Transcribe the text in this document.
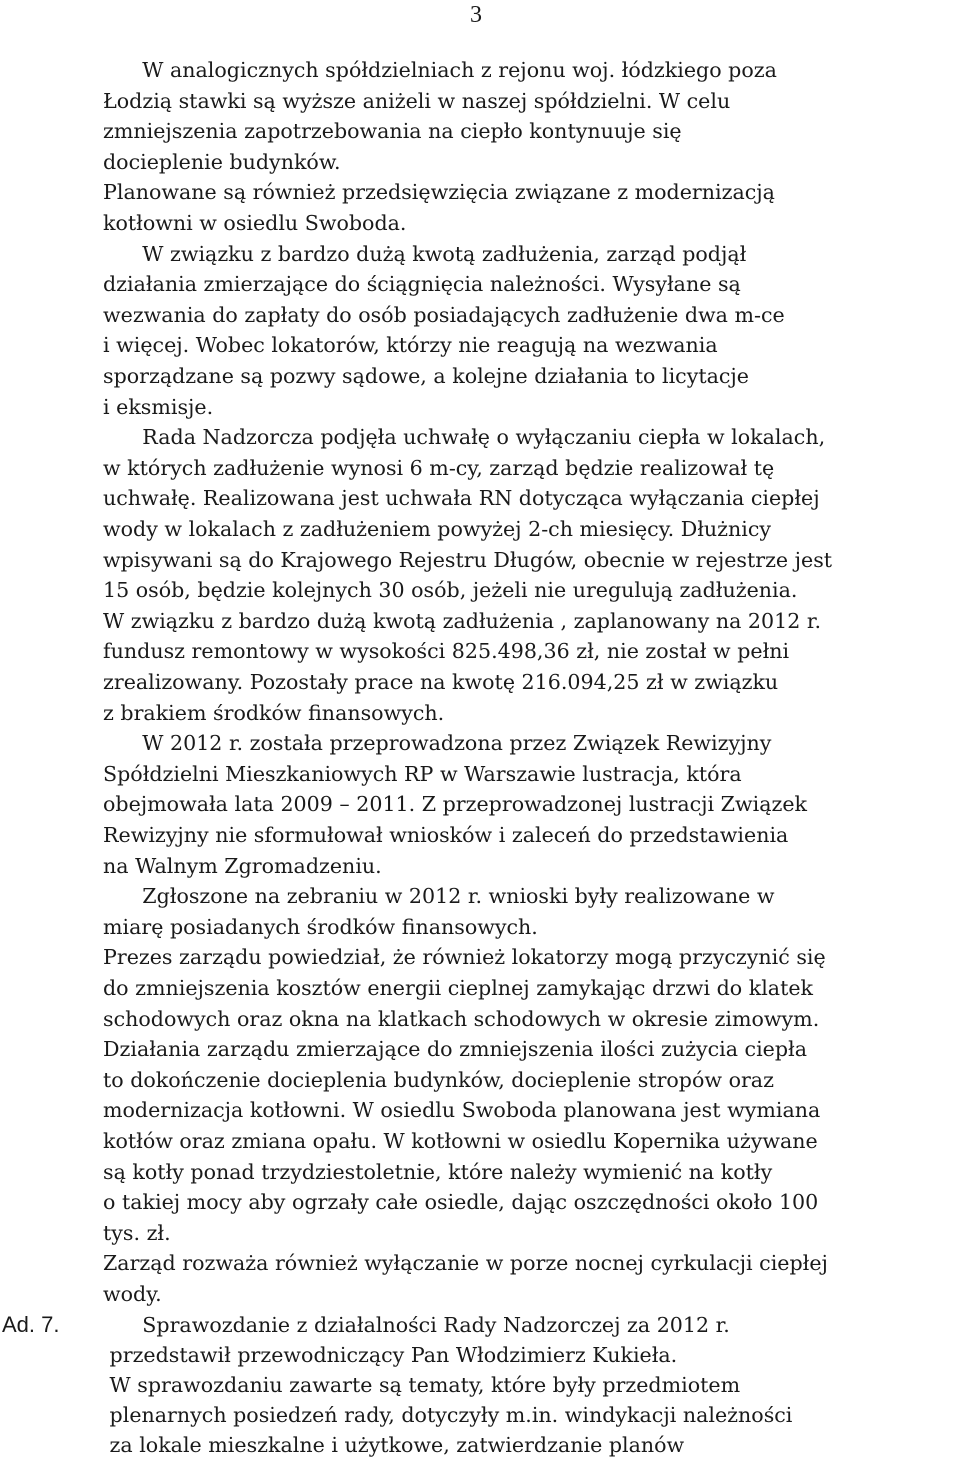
3
W analogicznych spółdzielniach z rejonu woj. łódzkiego poza
Łodzią stawki są wyższe aniżeli w naszej spółdzielni. W celu
zmniejszenia zapotrzebowania na ciepło kontynuuje się
docieplenie budynków.
Planowane są również przedsięwzięcia związane z modernizacją
kotłowni w osiedlu Swoboda.
W związku z bardzo dużą kwotą zadłużenia, zarząd podjął
działania zmierzające do ściągnięcia należności. Wysyłane są
wezwania do zapłaty do osób posiadających zadłużenie dwa m-ce
i więcej. Wobec lokatorów, którzy nie reagują na wezwania
sporządzane są pozwy sądowe, a kolejne działania to licytacje
i eksmisje.
Rada Nadzorcza podjęła uchwałę o wyłączaniu ciepła w lokalach,
w których zadłużenie wynosi 6 m-cy, zarząd będzie realizował tę
uchwałę. Realizowana jest uchwała RN dotycząca wyłączania ciepłej
wody w lokalach z zadłużeniem powyżej 2-ch miesięcy. Dłużnicy
wpisywani są do Krajowego Rejestru Długów, obecnie w rejestrze jest
15 osób, będzie kolejnych 30 osób, jeżeli nie uregulują zadłużenia.
W związku z bardzo dużą kwotą zadłużenia , zaplanowany na 2012 r.
fundusz remontowy w wysokości 825.498,36 zł, nie został w pełni
zrealizowany. Pozostały prace na kwotę 216.094,25 zł w związku
z brakiem środków finansowych.
W 2012 r. została przeprowadzona przez Związek Rewizyjny
Spółdzielni Mieszkaniowych RP w Warszawie lustracja, która
obejmowała lata 2009 – 2011. Z przeprowadzonej lustracji Związek
Rewizyjny nie sformułował wniosków i zaleceń do przedstawienia
na Walnym Zgromadzeniu.
Zgłoszone na zebraniu w 2012 r. wnioski były realizowane w
miarę posiadanych środków finansowych.
Prezes zarządu powiedział, że również lokatorzy mogą przyczynić się
do zmniejszenia kosztów energii cieplnej zamykając drzwi do klatek
schodowych oraz okna na klatkach schodowych w okresie zimowym.
Działania zarządu zmierzające do zmniejszenia ilości zużycia ciepła
to dokończenie docieplenia budynków, docieplenie stropów oraz
modernizacja kotłowni. W osiedlu Swoboda planowana jest wymiana
kotłów oraz zmiana opału. W kotłowni w osiedlu Kopernika używane
są kotły ponad trzydziestoletnie, które należy wymienić na kotły
o takiej mocy aby ogrzały całe osiedle, dając oszczędności około 100
tys. zł.
Zarząd rozważa również wyłączanie w porze nocnej cyrkulacji ciepłej
wody.
Ad. 7. Sprawozdanie z działalności Rady Nadzorczej za 2012 r.
przedstawił przewodniczący Pan Włodzimierz Kukieła.
W sprawozdaniu zawarte są tematy, które były przedmiotem
plenarnych posiedzeń rady, dotyczyły m.in. windykacji należności
za lokale mieszkalne i użytkowe, zatwierdzanie planów
